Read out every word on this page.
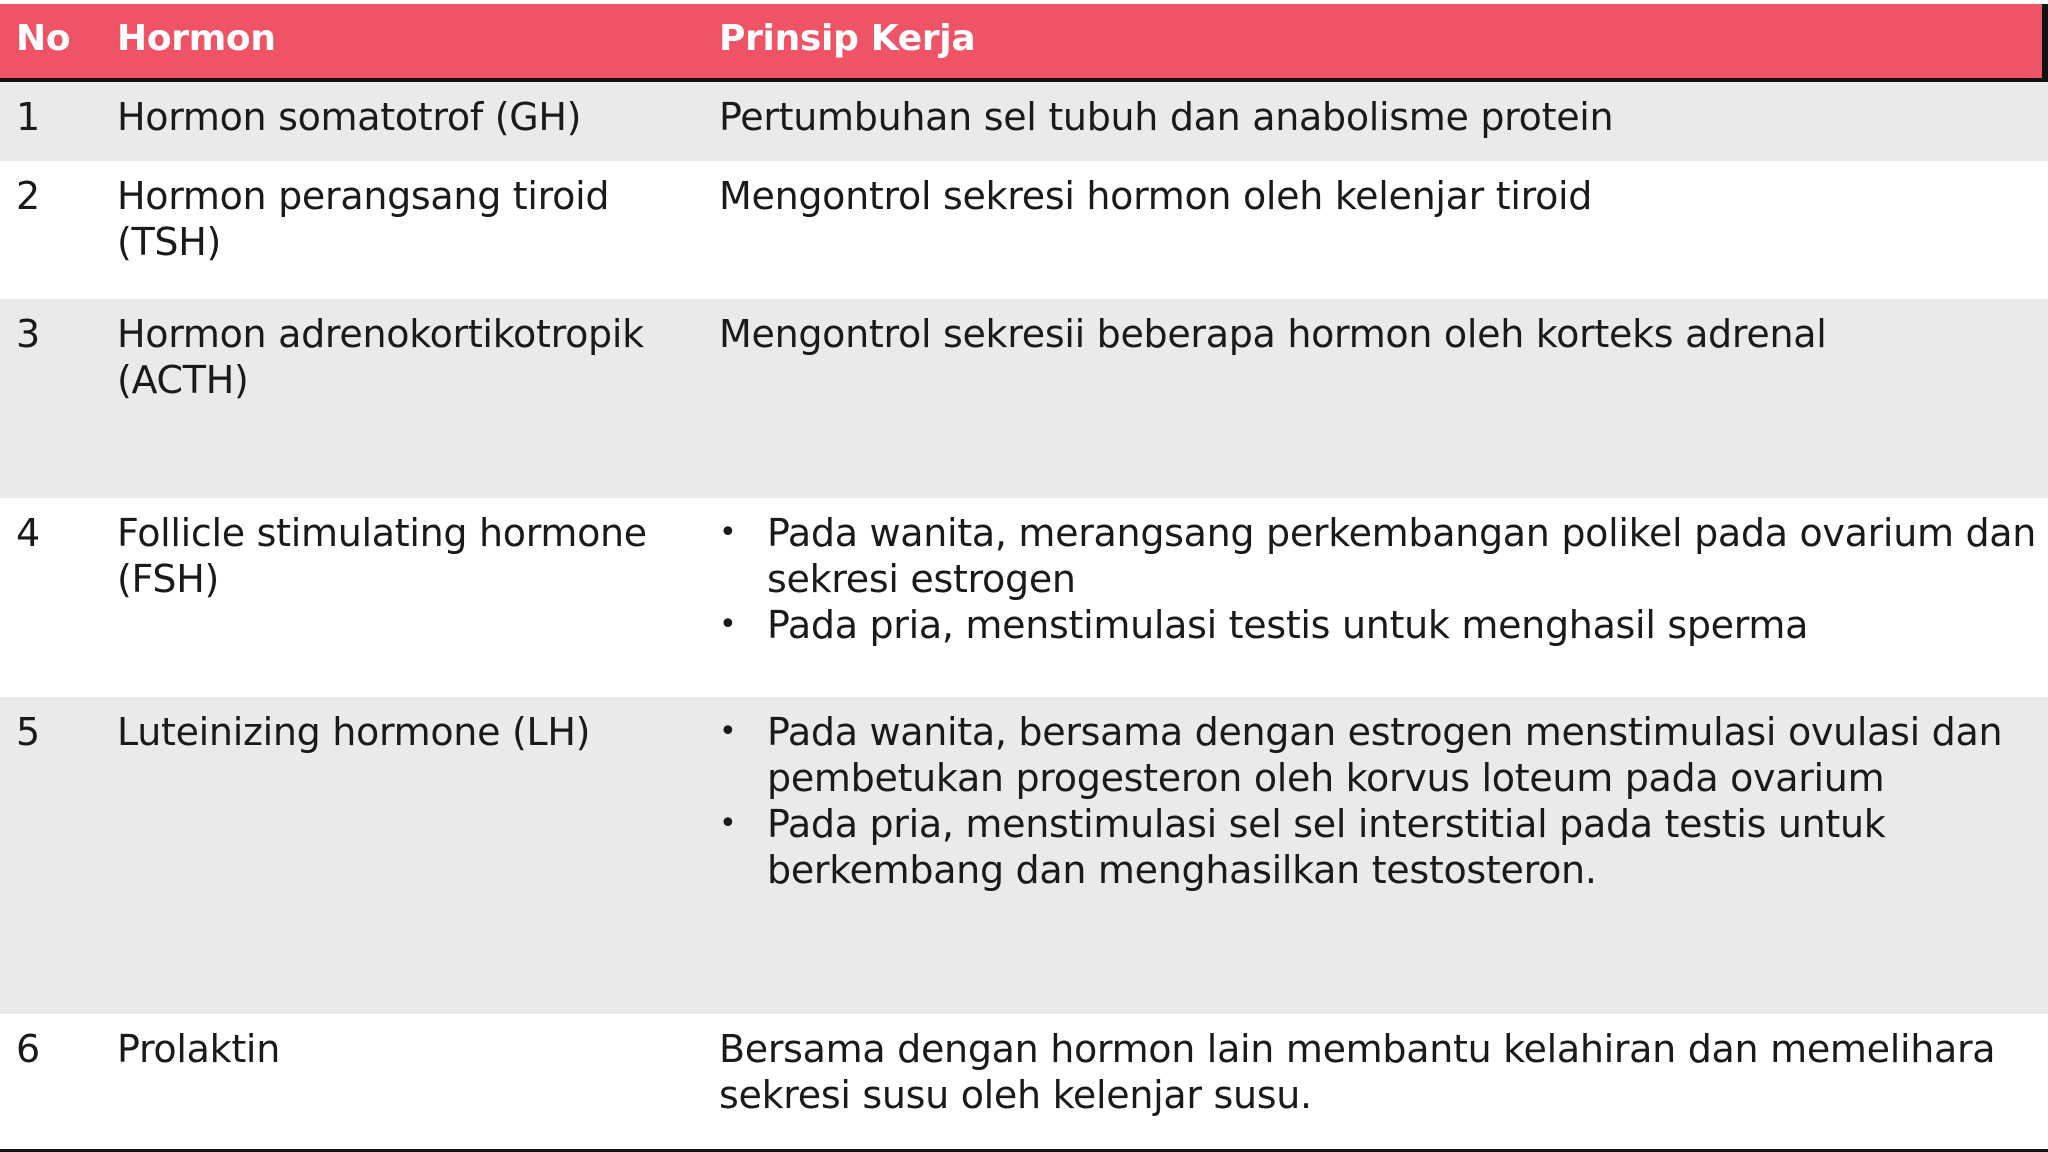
No	Hormon	Prinsip Kerja
1	Hormon somatotrof (GH)	Pertumbuhan sel tubuh dan anabolisme protein
2	Hormon perangsang tiroid (TSH)
Mengontrol sekresi hormon oleh kelenjar tiroid
3	Hormon adrenokortikotropik (ACTH)
Mengontrol sekresii beberapa hormon oleh korteks adrenal
4	Follicle stimulating hormone (FSH)
• Pada wanita, merangsang perkembangan polikel pada ovarium dan sekresi estrogen
• Pada pria, menstimulasi testis untuk menghasil sperma
5	Luteinizing hormone (LH)
•	Pada wanita, bersama dengan estrogen menstimulasi ovulasi dan pembetukan progesteron oleh korvus loteum pada ovarium
• Pada pria, menstimulasi sel sel interstitial pada testis untuk berkembang dan menghasilkan testosteron.
6	Prolaktin	Bersama dengan hormon lain membantu kelahiran dan memelihara sekresi susu oleh kelenjar susu.
